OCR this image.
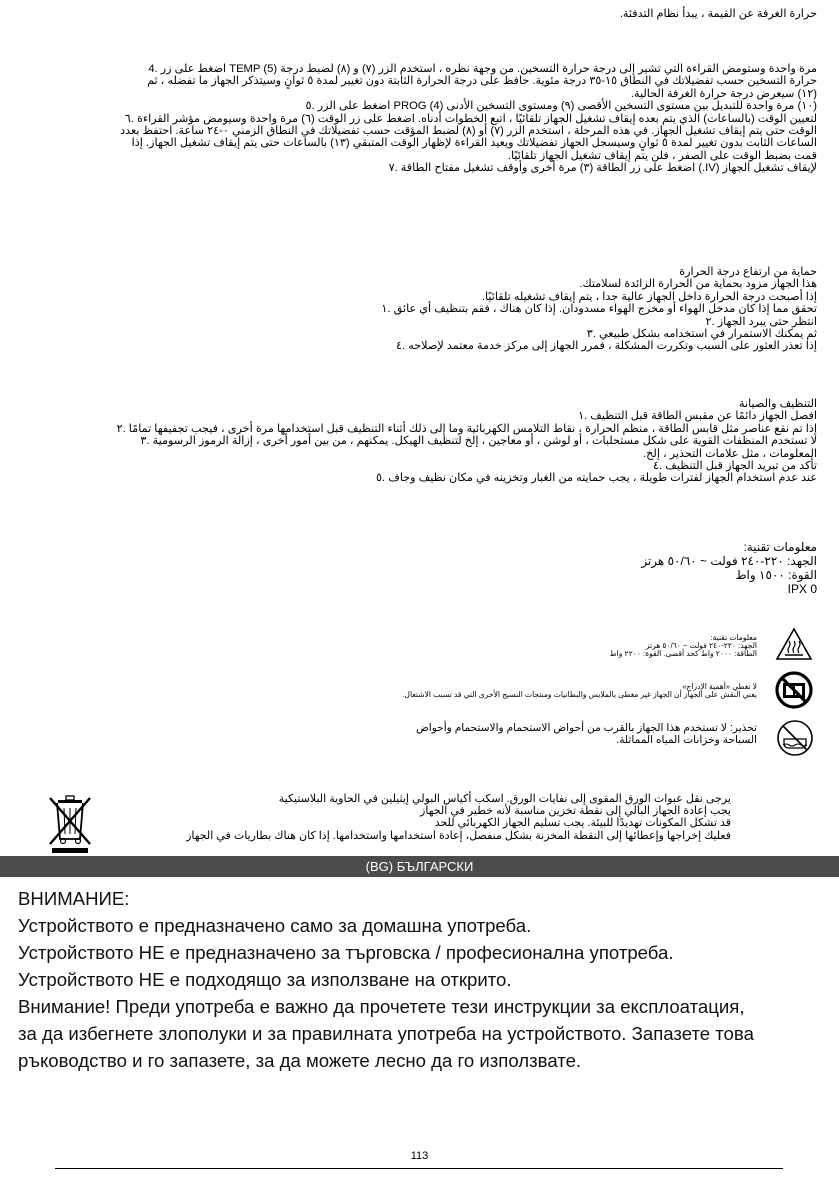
حرارة الغرفة عن القيمة ، يبدأ نظام التدفئة.
مرة واحدة وستومض القراءة التي تشير إلى درجة حرارة التسخين. من وجهة نظره ، استخدم الزر (٧) و (٨) لضبط درجة (5) TEMP اضغط على زر .4
حرارة التسخين حسب تفضيلاتك في النطاق ١٥-٣٥ درجة مئوية. حافظ على درجة الحرارة الثابتة دون تغيير لمدة ٥ ثوانٍ وسيتذكر الجهاز ما تفضله ، ثم
(١٢) سيعرض درجة حرارة الغرفة الحالية.
(١٠) مرة واحدة للتبديل بين مستوى التسخين الأقصى (٩) ومستوى التسخين الأدنى (4) PROG اضغط على الزر .٥
لتعيين الوقت (بالساعات) الذي يتم بعده إيقاف تشغيل الجهاز تلقائيًا ، اتبع الخطوات أدناه. اضغط على زر الوقت (٦) مرة واحدة وسيومض مؤشر القراءة .٦
الوقت حتى يتم إيقاف تشغيل الجهاز. في هذه المرحلة ، استخدم الزر (٧) أو (٨) لضبط المؤقت حسب تفضيلاتك في النطاق الزمني ٠-٢٤ ساعة. احتفظ بعدد
الساعات الثابت بدون تغيير لمدة ٥ ثوانٍ وسيسجل الجهاز تفضيلاتك ويعيد القراءة لإظهار الوقت المتبقي (١٣) بالساعات حتى يتم إيقاف تشغيل الجهاز. إذا
قمت بضبط الوقت على الصفر ، فلن يتم إيقاف تشغيل الجهاز تلقائيًا.
لإيقاف تشغيل الجهاز (IV.) اضغط على زر الطاقة (٣) مرة أخرى وأوقف تشغيل مفتاح الطاقة .٧
حماية من ارتفاع درجة الحرارة
هذا الجهاز مزود بحماية من الحرارة الزائدة لسلامتك.
إذا أصبحت درجة الحرارة داخل الجهاز عالية جدا ، يتم إيقاف تشغيله تلقائيًا.
تحقق مما إذا كان مدخل الهواء أو مخرج الهواء مسدودان. إذا كان هناك ، فقم بتنظيف أي عائق .١
انتظر حتى يبرد الجهاز .٢
ثم يمكنك الاستمرار في استخدامه بشكل طبيعي .٣
إذا تعذر العثور على السبب وتكررت المشكلة ، فمرر الجهاز إلى مركز خدمة معتمد لإصلاحه .٤
التنظيف والصيانة
افصل الجهاز دائمًا عن مقبس الطاقة قبل التنظيف .١
إذا تم نقع عناصر مثل قابس الطاقة ، منظم الحرارة ، نقاط التلامس الكهربائية وما إلى ذلك أثناء التنظيف قبل استخدامها مرة أخرى ، فيجب تجفيفها تمامًا .٢
لا تستخدم المنظفات القوية على شكل مستحلبات ، أو لوشن ، أو معاجين ، إلخ لتنظيف الهيكل. يمكنهم ، من بين أمور أخرى ، إزالة الرموز الرسومية .٣
المعلومات ، مثل علامات التحذير ، إلخ.
تأكد من تبريد الجهاز قبل التنظيف .٤
عند عدم استخدام الجهاز لفترات طويلة ، يجب حمايته من الغبار وتخزينه في مكان نظيف وجاف .٥
معلومات تقنية:
الجهد: ٢٢٠-٢٤٠ فولت ~ ٥٠/٦٠ هرتز
القوة: ١٥٠٠ واط
IPX 0
معلومات تقنية:
الجهد: ٢٢٠-٢٤٠ فولت ~ ٥٠/٦٠ هرتز
الطاقة: ٢٠٠٠ واط كحد أقصى. القوة: ٢٢٠٠ واط
لا تغطي «أهمية الإدراج»
يعني النقش على الجهاز أن الجهاز غير مغطى بالملابس والبطانيات ومنتجات النسيج الأخرى التي قد تسبب الاشتعال.
تحذير: لا تستخدم هذا الجهاز بالقرب من أحواض الاستحمام والاستحمام وأحواض
السباحة وخزانات المياه المماثلة.
يرجى نقل عبوات الورق المقوى إلى نفايات الورق. اسكب أكياس البولي إيثيلين في الحاوية البلاستيكية
يجب إعادة الجهاز البالي إلى نقطة تخزين مناسبة لأنه خطير في الجهاز
قد تشكل المكونات تهديدًا للبيئة. يجب تسليم الجهاز الكهربائي للحد
فعليك إخراجها وإعطائها إلى النقطة المخزنة بشكل منفصل، إعادة استخدامها واستخدامها. إذا كان هناك بطاريات في الجهاز
(BG) БЪЛГАРСКИ
ВНИМАНИЕ:
Устройството е предназначено само за домашна употреба.
Устройството НЕ е предназначено за търговска / професионална употреба.
Устройството НЕ е подходящо за използване на открито.
Внимание! Преди употреба е важно да прочетете тези инструкции за експлоатация,
за да избегнете злополуки и за правилната употреба на устройството. Запазете това
ръководство и го запазете, за да можете лесно да го използвате.
113
